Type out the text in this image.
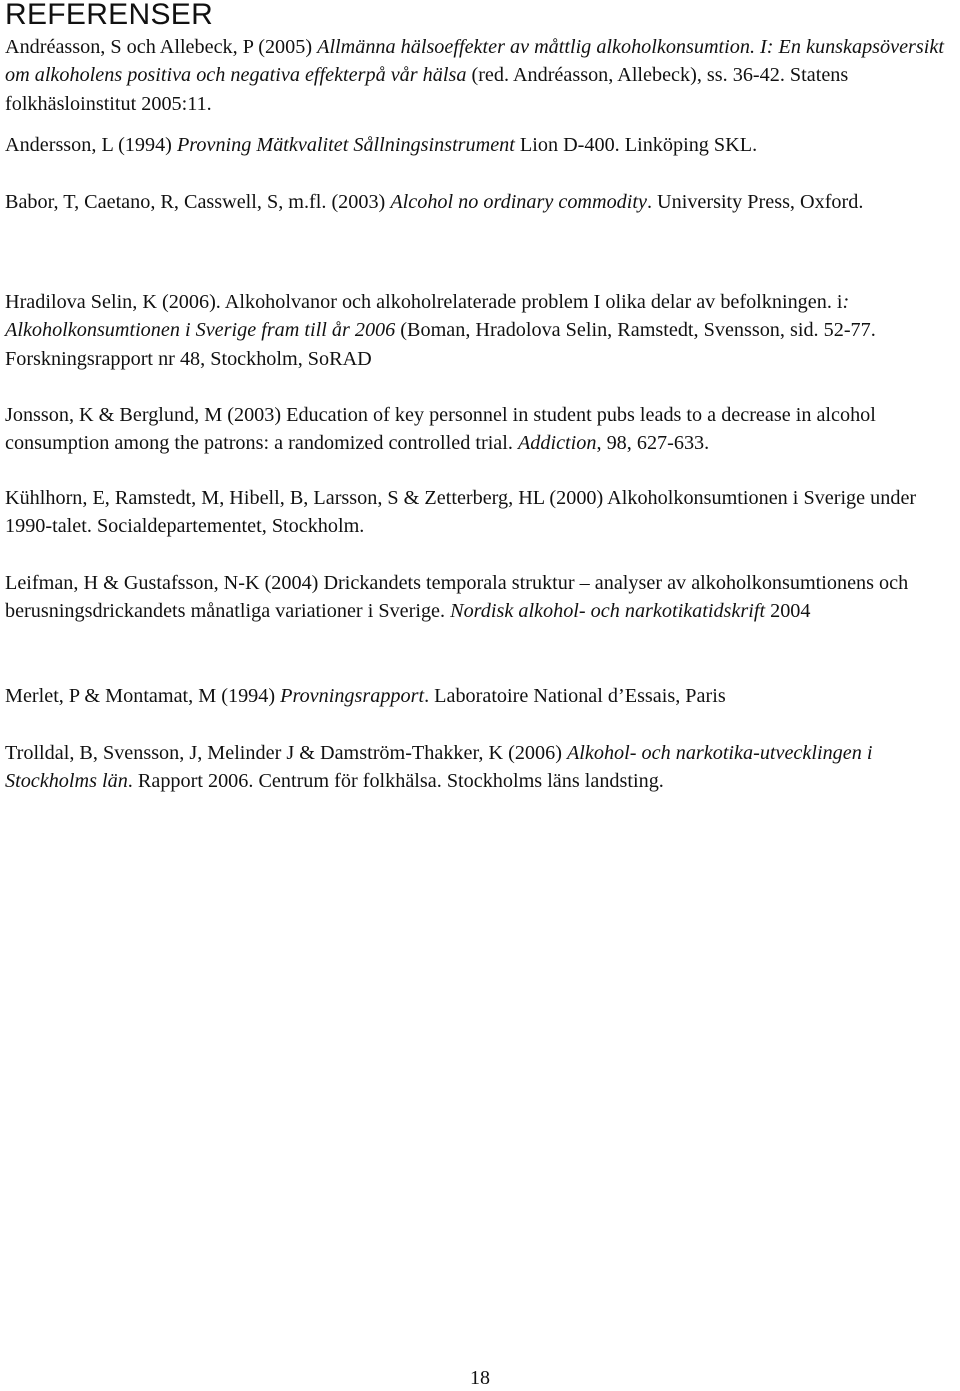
REFERENSER

Andréasson, S och Allebeck, P (2005) Allmänna hälsoeffekter av måttlig alkoholkonsumtion. I: En kunskapsöversikt om alkoholens positiva och negativa effekterpå vår hälsa (red. Andréasson, Allebeck), ss. 36-42. Statens folkhäsloinstitut 2005:11.

Andersson, L (1994) Provning Mätkvalitet Sållningsinstrument Lion D-400. Linköping SKL.

Babor, T, Caetano, R, Casswell, S, m.fl. (2003) Alcohol no ordinary commodity. University Press, Oxford.

Hradilova Selin, K (2006). Alkoholvanor och alkoholrelaterade problem I olika delar av befolkningen. i: Alkoholkonsumtionen i Sverige fram till år 2006 (Boman, Hradolova Selin, Ramstedt, Svensson, sid. 52-77. Forskningsrapport nr 48, Stockholm, SoRAD

Jonsson, K & Berglund, M (2003) Education of key personnel in student pubs leads to a decrease in alcohol consumption among the patrons: a randomized controlled trial. Addiction, 98, 627-633.

Kühlhorn, E, Ramstedt, M, Hibell, B, Larsson, S & Zetterberg, HL (2000) Alkoholkonsumtionen i Sverige under 1990-talet. Socialdepartementet, Stockholm.

Leifman, H & Gustafsson, N-K (2004) Drickandets temporala struktur – analyser av alkoholkonsumtionens och berusningsdrickandets månatliga variationer i Sverige. Nordisk alkohol- och narkotikatidskrift 2004

Merlet, P & Montamat, M (1994) Provningsrapport. Laboratoire National d’Essais, Paris

Trolldal, B, Svensson, J, Melinder J & Damström-Thakker, K (2006) Alkohol- och narkotika-utvecklingen i Stockholms län. Rapport 2006. Centrum för folkhälsa. Stockholms läns landsting.

18
